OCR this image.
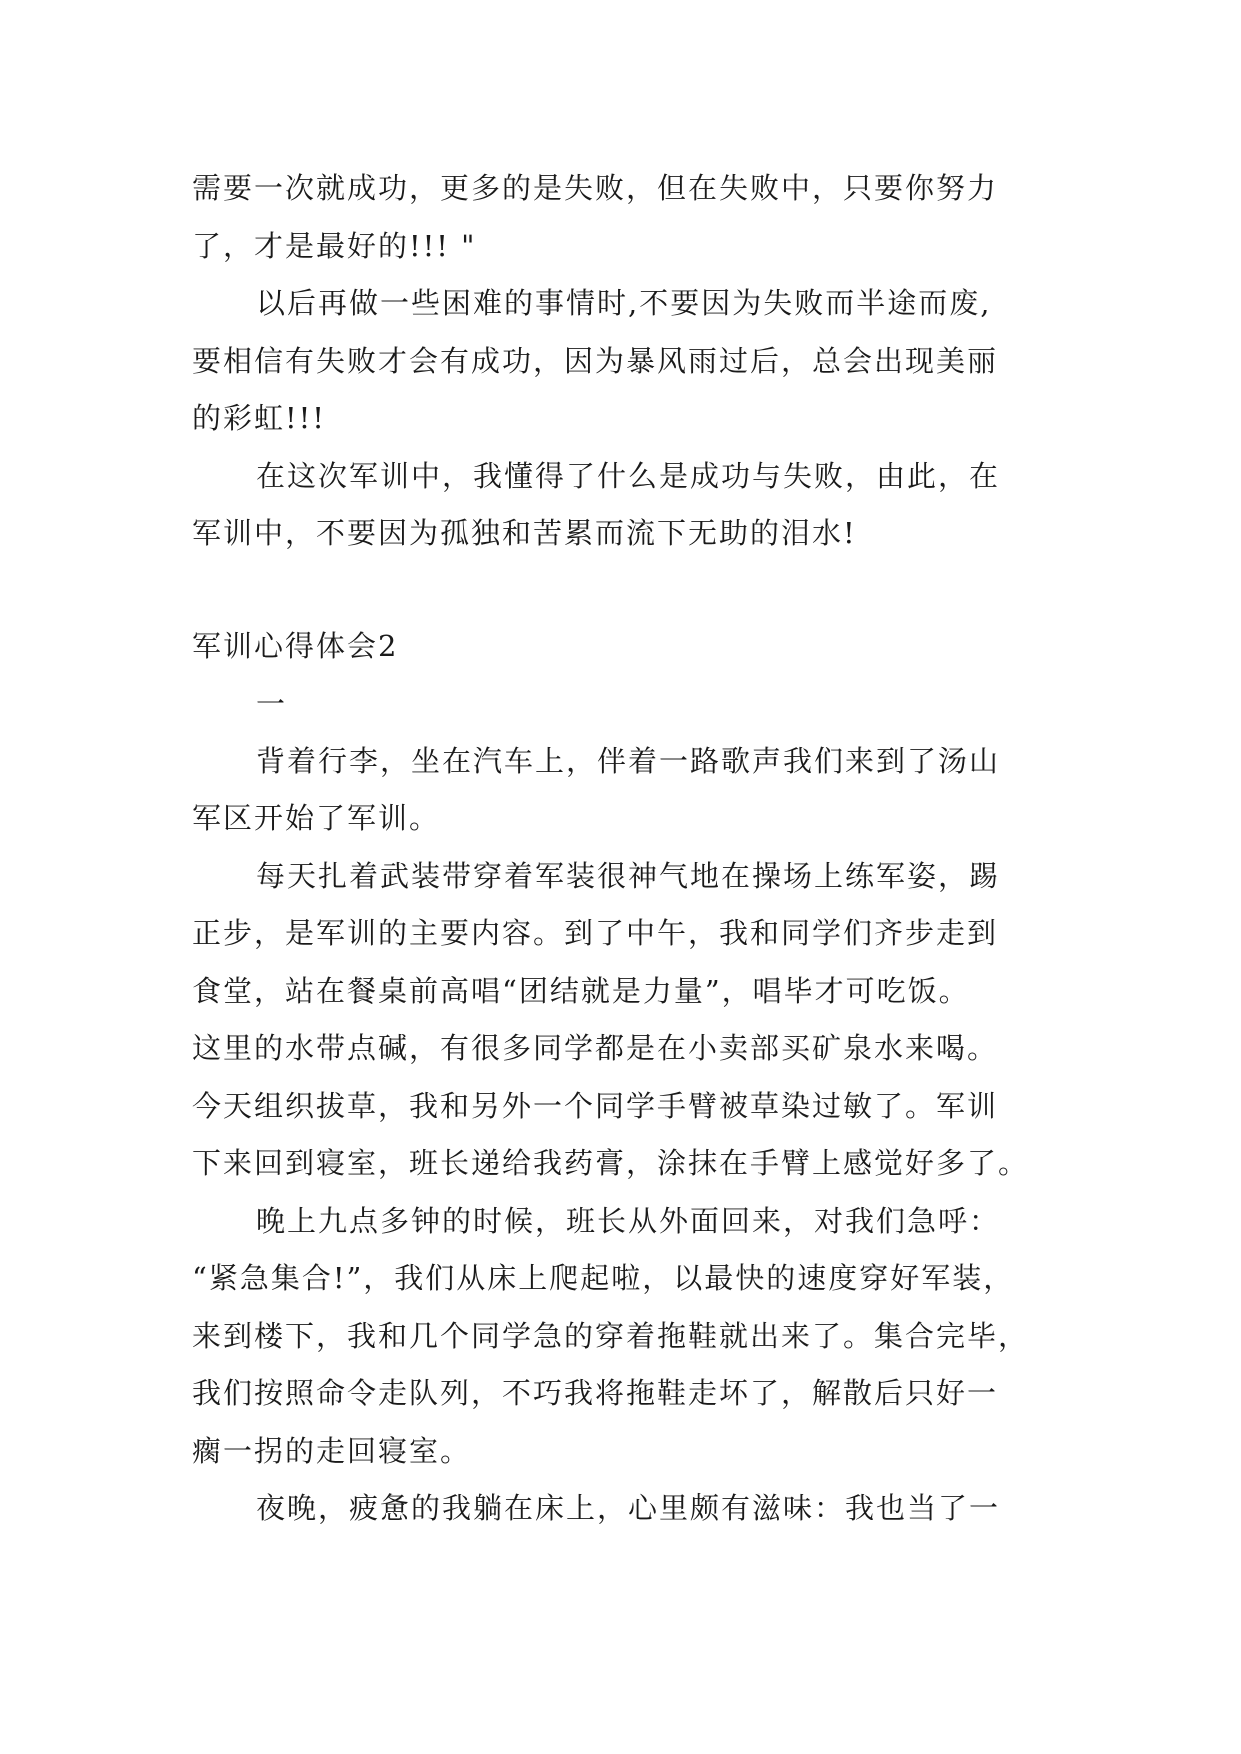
需要一次就成功，更多的是失败，但在失败中，只要你努力
了，才是最好的!!! "
以后再做一些困难的事情时,不要因为失败而半途而废,
要相信有失败才会有成功，因为暴风雨过后，总会出现美丽
的彩虹!!!
在这次军训中，我懂得了什么是成功与失败，由此，在
军训中，不要因为孤独和苦累而流下无助的泪水!
军训心得体会2
一
背着行李，坐在汽车上，伴着一路歌声我们来到了汤山
军区开始了军训。
每天扎着武装带穿着军装很神气地在操场上练军姿，踢
正步，是军训的主要内容。到了中午，我和同学们齐步走到
食堂，站在餐桌前高唱“团结就是力量”，唱毕才可吃饭。
这里的水带点碱，有很多同学都是在小卖部买矿泉水来喝。
今天组织拔草，我和另外一个同学手臂被草染过敏了。军训
下来回到寝室，班长递给我药膏，涂抹在手臂上感觉好多了。
晚上九点多钟的时候，班长从外面回来，对我们急呼：
“紧急集合!”，我们从床上爬起啦，以最快的速度穿好军装，
来到楼下，我和几个同学急的穿着拖鞋就出来了。集合完毕，
我们按照命令走队列，不巧我将拖鞋走坏了，解散后只好一
瘸一拐的走回寝室。
夜晚，疲惫的我躺在床上，心里颇有滋味：我也当了一
